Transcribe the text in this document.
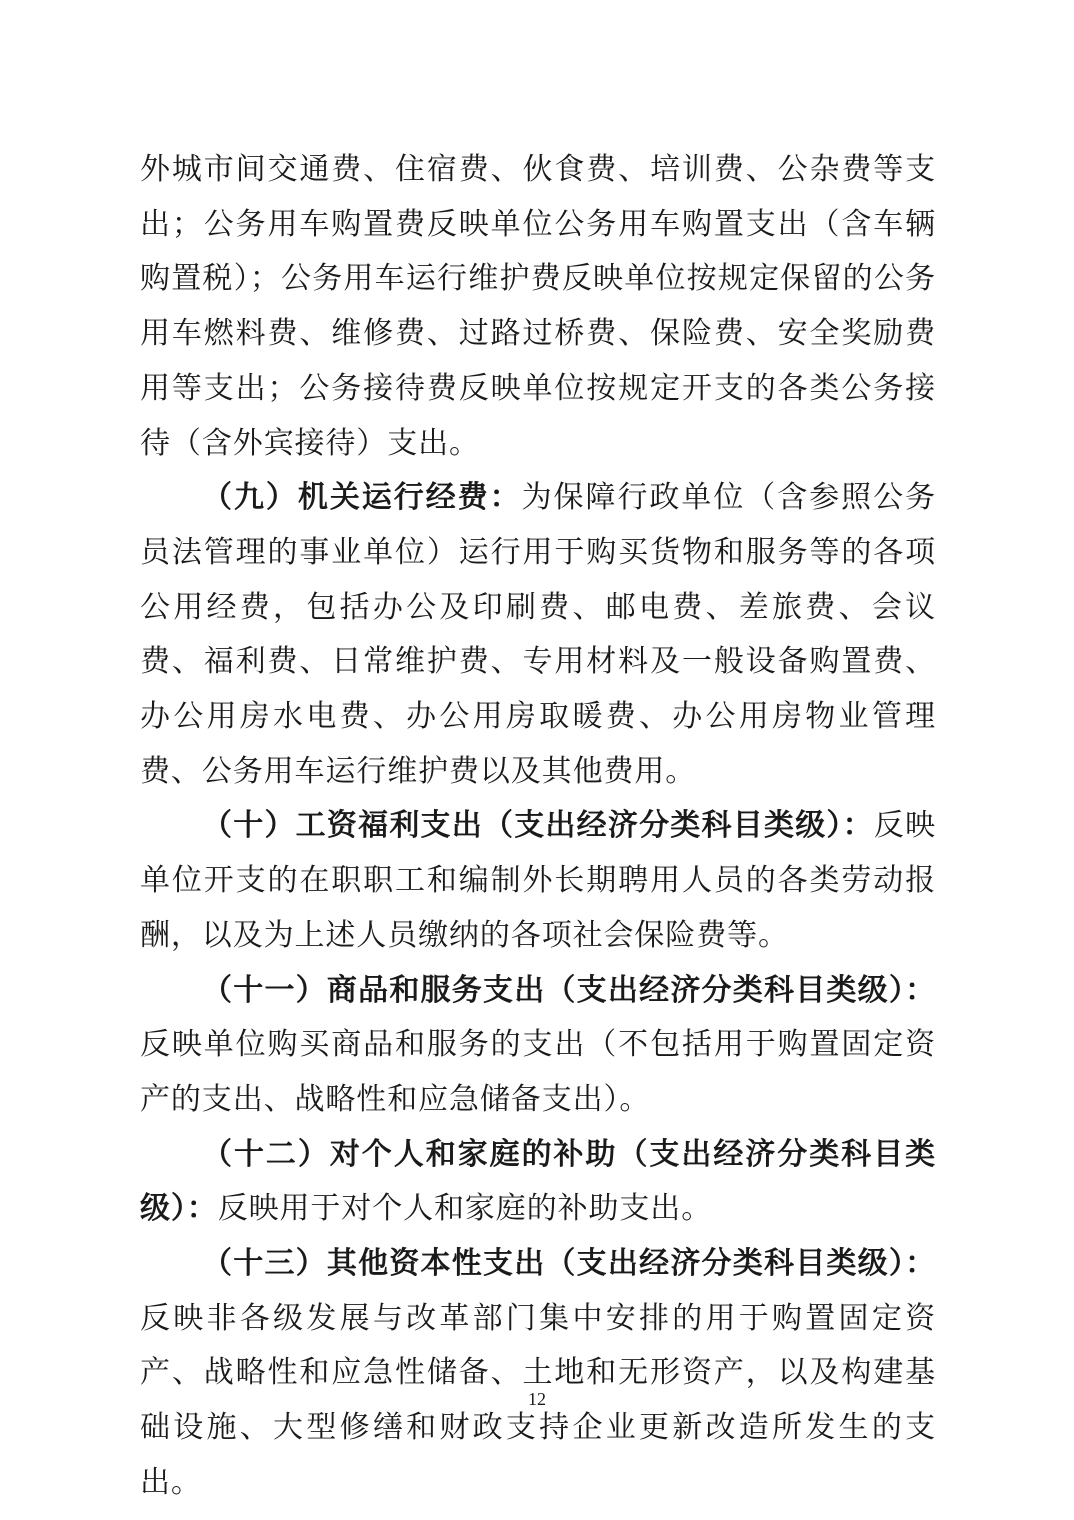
外城市间交通费、住宿费、伙食费、培训费、公杂费等支出；公务用车购置费反映单位公务用车购置支出（含车辆购置税）；公务用车运行维护费反映单位按规定保留的公务用车燃料费、维修费、过路过桥费、保险费、安全奖励费用等支出；公务接待费反映单位按规定开支的各类公务接待（含外宾接待）支出。

（九）机关运行经费：为保障行政单位（含参照公务员法管理的事业单位）运行用于购买货物和服务等的各项公用经费，包括办公及印刷费、邮电费、差旅费、会议费、福利费、日常维护费、专用材料及一般设备购置费、办公用房水电费、办公用房取暖费、办公用房物业管理费、公务用车运行维护费以及其他费用。

（十）工资福利支出（支出经济分类科目类级）：反映单位开支的在职职工和编制外长期聘用人员的各类劳动报酬，以及为上述人员缴纳的各项社会保险费等。

（十一）商品和服务支出（支出经济分类科目类级）：反映单位购买商品和服务的支出（不包括用于购置固定资产的支出、战略性和应急储备支出）。

（十二）对个人和家庭的补助（支出经济分类科目类级）：反映用于对个人和家庭的补助支出。

（十三）其他资本性支出（支出经济分类科目类级）：反映非各级发展与改革部门集中安排的用于购置固定资产、战略性和应急性储备、土地和无形资产，以及构建基础设施、大型修缮和财政支持企业更新改造所发生的支出。

12
